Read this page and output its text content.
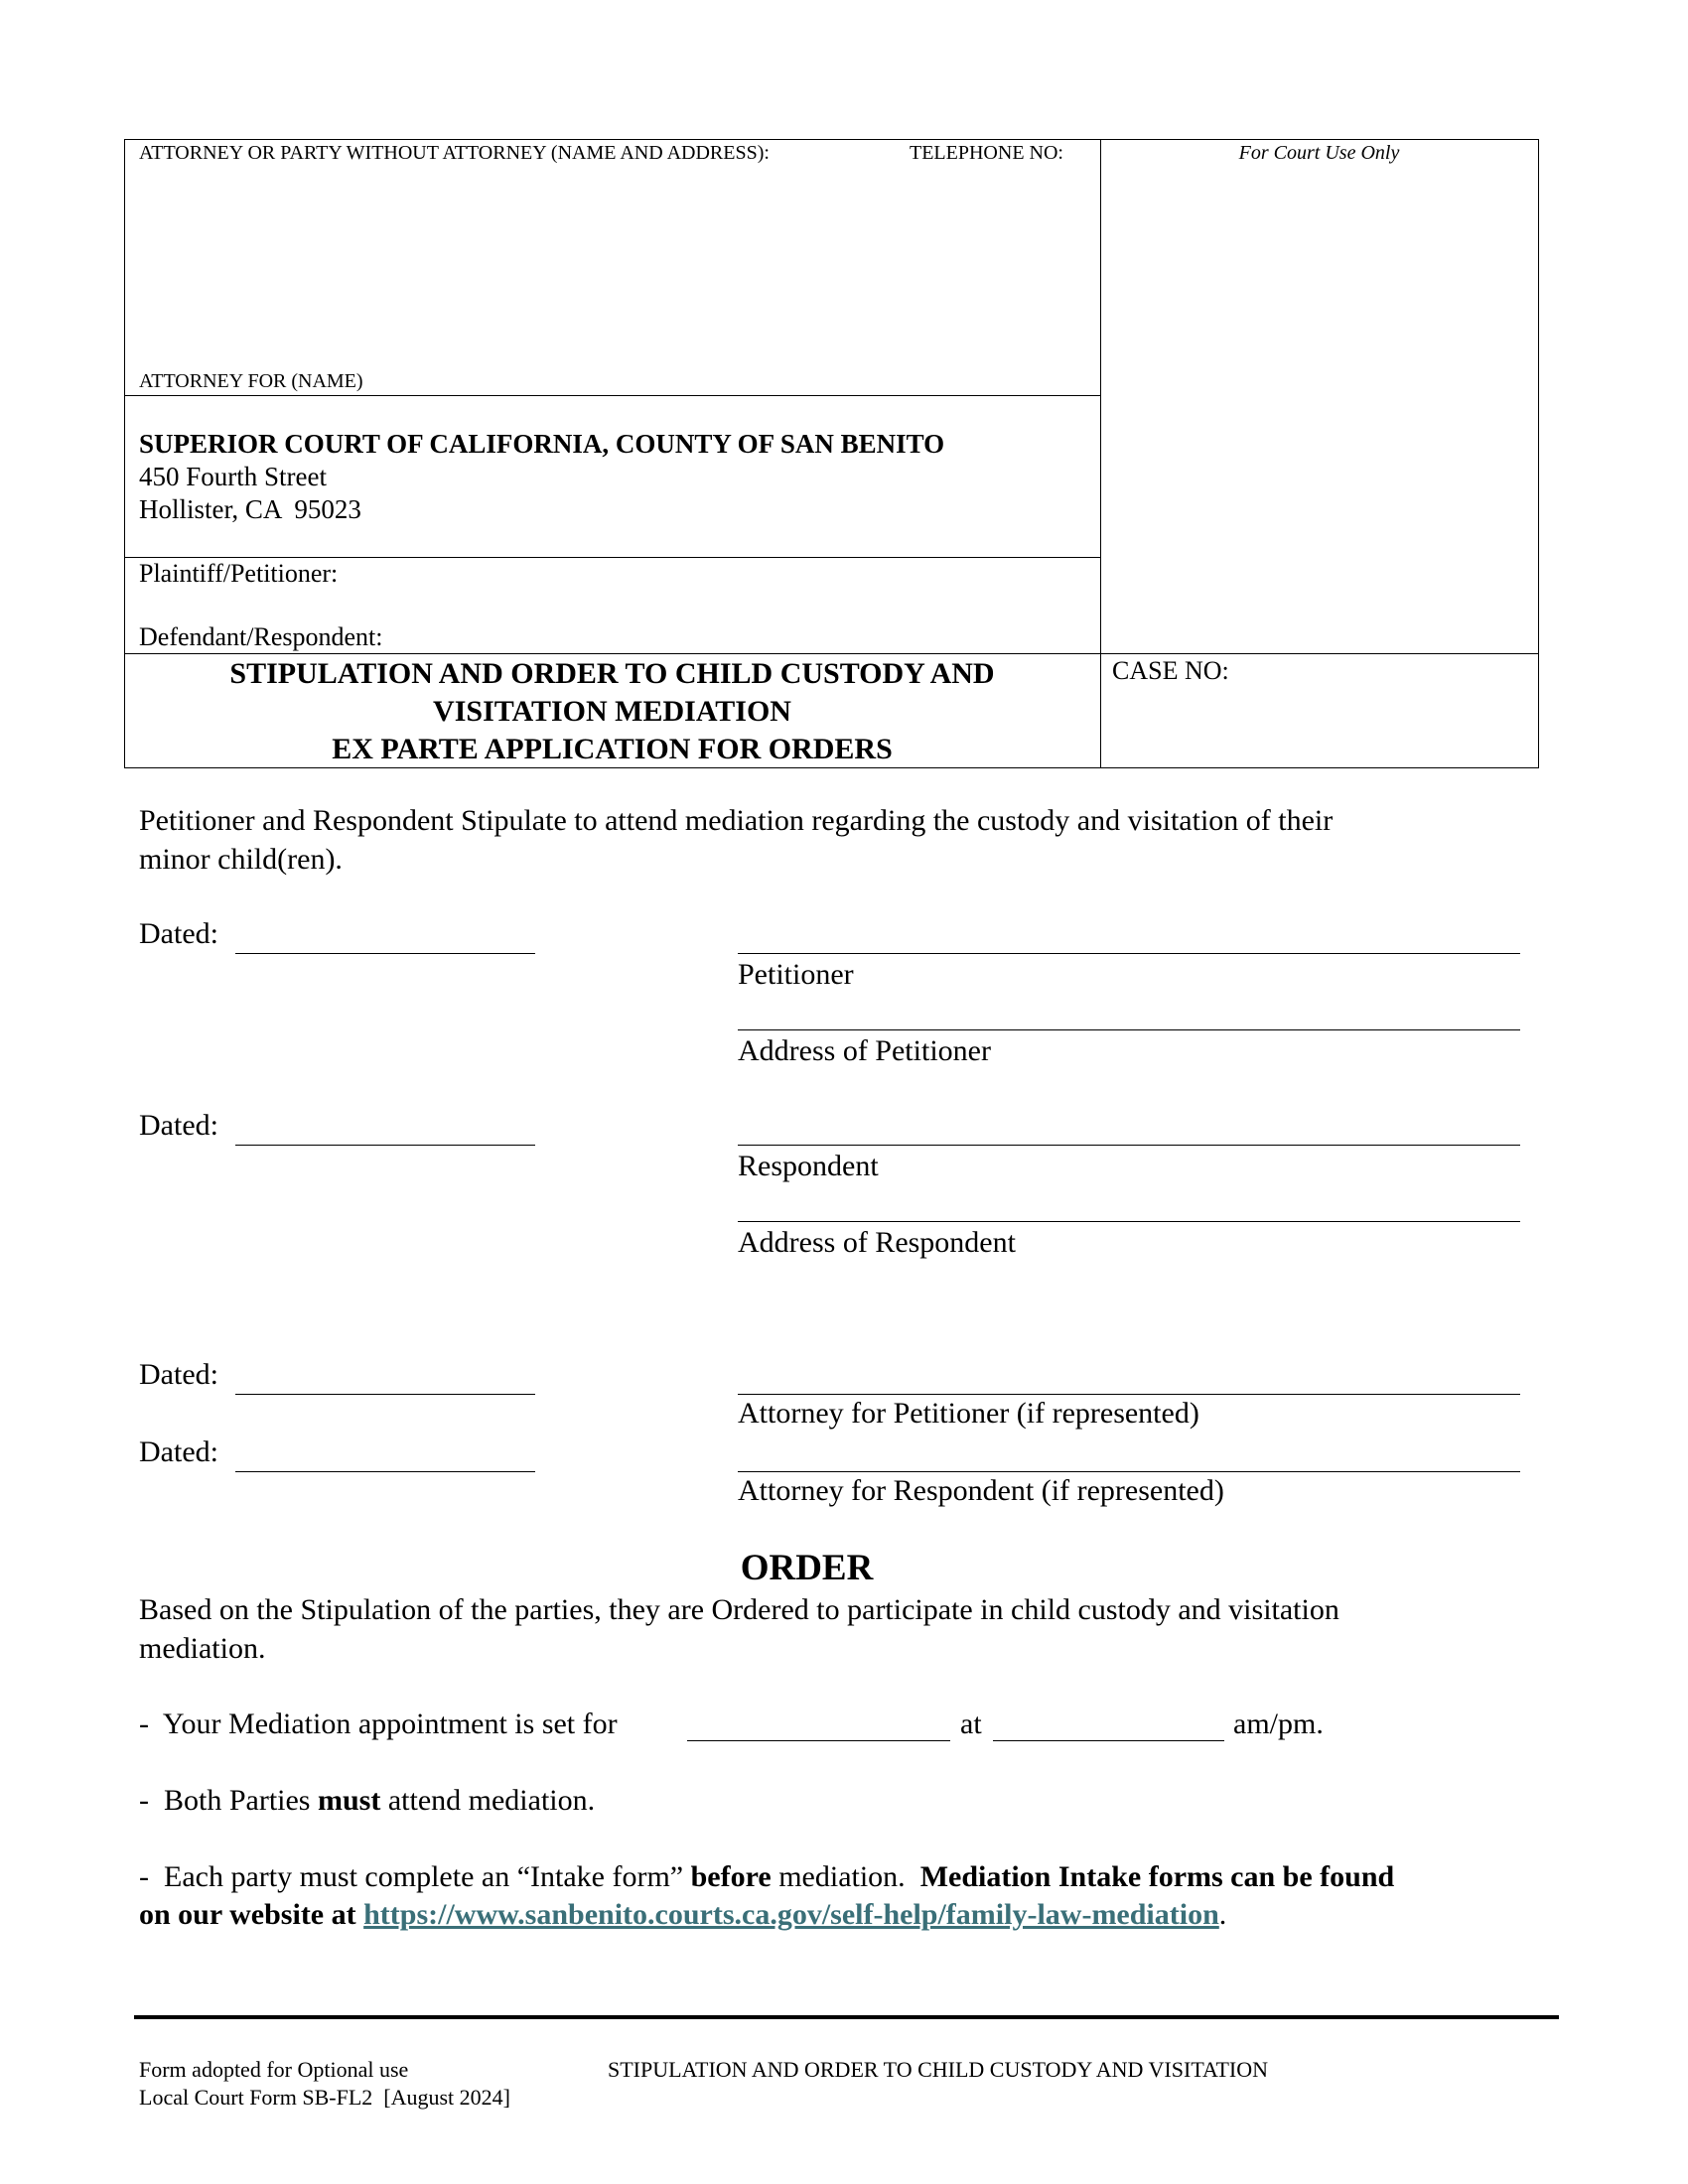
ATTORNEY OR PARTY WITHOUT ATTORNEY (NAME AND ADDRESS):	TELEPHONE NO:	For Court Use Only
ATTORNEY FOR (NAME)
SUPERIOR COURT OF CALIFORNIA, COUNTY OF SAN BENITO
450 Fourth Street
Hollister, CA  95023
Plaintiff/Petitioner:
Defendant/Respondent:
STIPULATION AND ORDER TO CHILD CUSTODY AND
VISITATION MEDIATION
EX PARTE APPLICATION FOR ORDERS
CASE NO:
Petitioner and Respondent Stipulate to attend mediation regarding the custody and visitation of their
minor child(ren).
Dated:
Petitioner
Address of Petitioner
Dated:
Respondent
Address of Respondent
Dated:
Attorney for Petitioner (if represented)
Dated:
Attorney for Respondent (if represented)
ORDER
Based on the Stipulation of the parties, they are Ordered to participate in child custody and visitation
mediation.
-  Your Mediation appointment is set for	at	am/pm.
-  Both Parties must attend mediation.
-  Each party must complete an “Intake form” before mediation.  Mediation Intake forms can be found
on our website at https://www.sanbenito.courts.ca.gov/self-help/family-law-mediation.
Form adopted for Optional use
Local Court Form SB-FL2  [August 2024]
STIPULATION AND ORDER TO CHILD CUSTODY AND VISITATION
